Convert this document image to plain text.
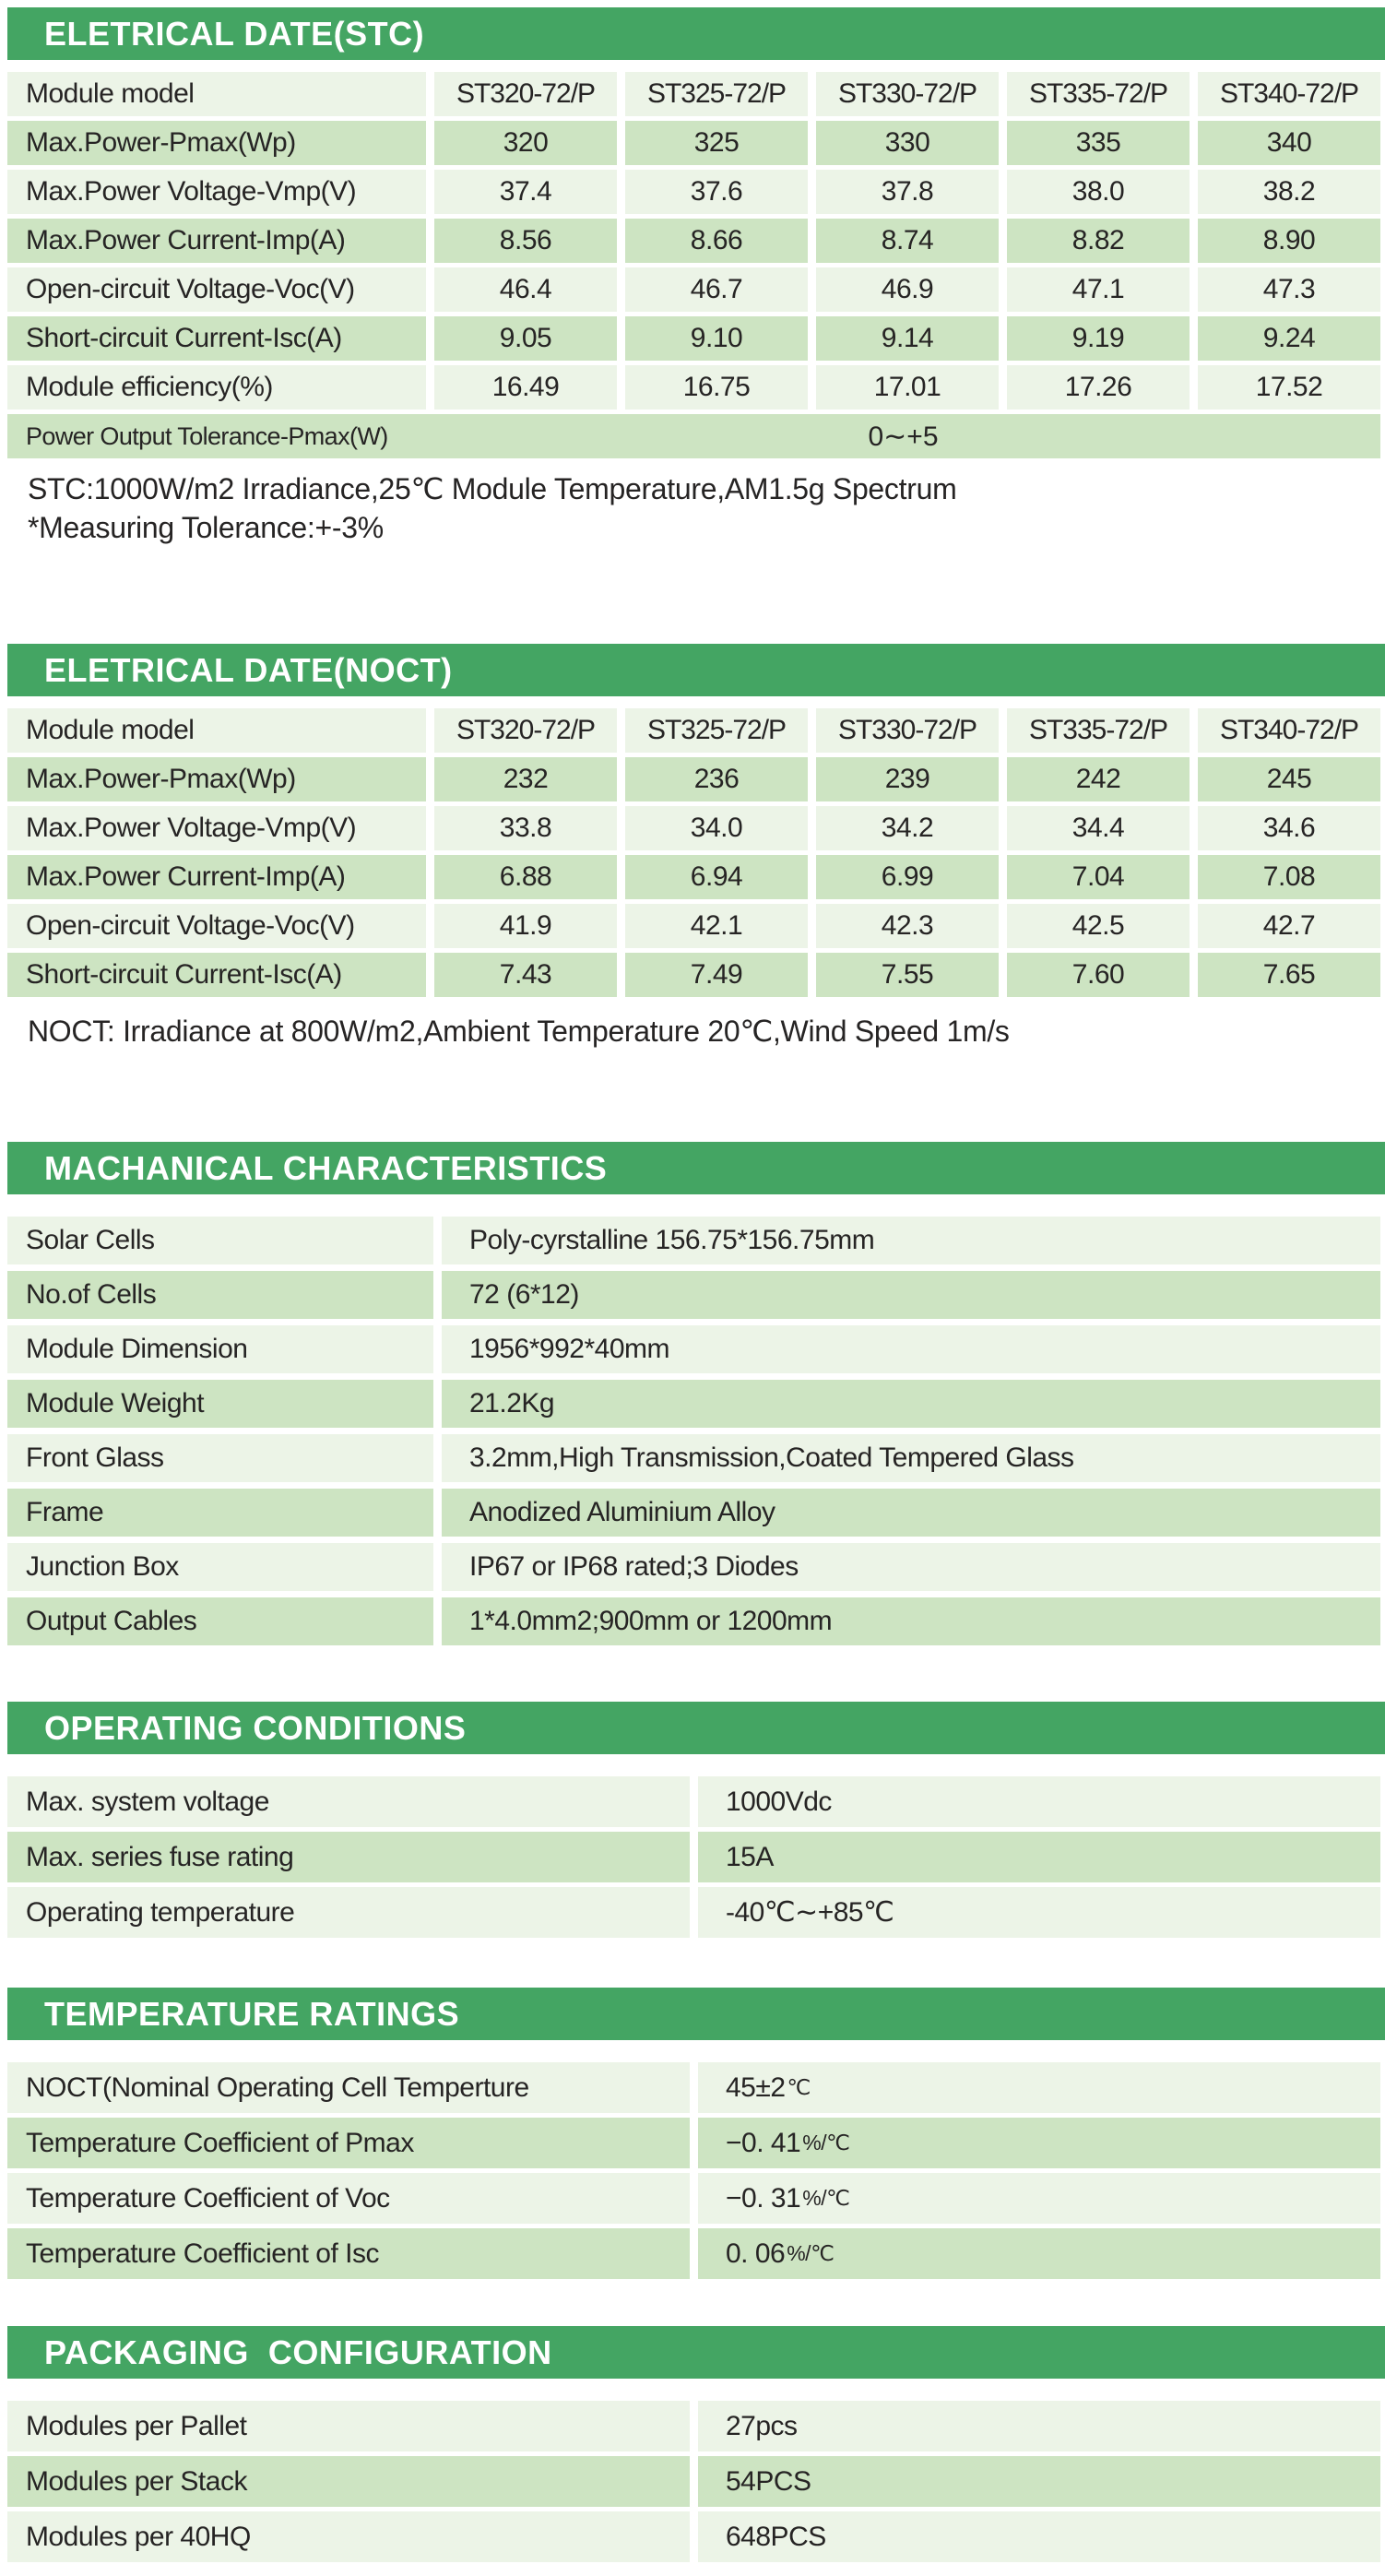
ELETRICAL DATE(STC)
Module model	ST320-72/P	ST325-72/P	ST330-72/P	ST335-72/P	ST340-72/P
Max.Power-Pmax(Wp)	320	325	330	335	340
Max.Power Voltage-Vmp(V)	37.4	37.6	37.8	38.0	38.2
Max.Power Current-Imp(A)	8.56	8.66	8.74	8.82	8.90
Open-circuit Voltage-Voc(V)	46.4	46.7	46.9	47.1	47.3
Short-circuit Current-Isc(A)	9.05	9.10	9.14	9.19	9.24
Module efficiency(%)	16.49	16.75	17.01	17.26	17.52
Power Output Tolerance-Pmax(W)	0∼+5
STC:1000W/m2 Irradiance,25℃ Module Temperature,AM1.5g Spectrum
*Measuring Tolerance:+-3%
ELETRICAL DATE(NOCT)
Module model	ST320-72/P	ST325-72/P	ST330-72/P	ST335-72/P	ST340-72/P
Max.Power-Pmax(Wp)	232	236	239	242	245
Max.Power Voltage-Vmp(V)	33.8	34.0	34.2	34.4	34.6
Max.Power Current-Imp(A)	6.88	6.94	6.99	7.04	7.08
Open-circuit Voltage-Voc(V)	41.9	42.1	42.3	42.5	42.7
Short-circuit Current-Isc(A)	7.43	7.49	7.55	7.60	7.65
NOCT: Irradiance at 800W/m2,Ambient Temperature 20℃,Wind Speed 1m/s
MACHANICAL CHARACTERISTICS
Solar Cells	Poly-cyrstalline 156.75*156.75mm
No.of Cells	72 (6*12)
Module Dimension	1956*992*40mm
Module Weight	21.2Kg
Front Glass	3.2mm,High Transmission,Coated Tempered Glass
Frame	Anodized Aluminium Alloy
Junction Box	IP67 or IP68 rated;3 Diodes
Output Cables	1*4.0mm2;900mm or 1200mm
OPERATING CONDITIONS
Max. system voltage	1000Vdc
Max. series fuse rating	15A
Operating temperature	-40℃∼+85℃
TEMPERATURE RATINGS
NOCT(Nominal Operating Cell Temperture	45±2 ℃
Temperature Coefficient of Pmax	−0. 41 %/℃
Temperature Coefficient of Voc	−0. 31 %/℃
Temperature Coefficient of Isc	0. 06 %/℃
PACKAGING  CONFIGURATION
Modules per Pallet	27pcs
Modules per Stack	54PCS
Modules per 40HQ	648PCS
